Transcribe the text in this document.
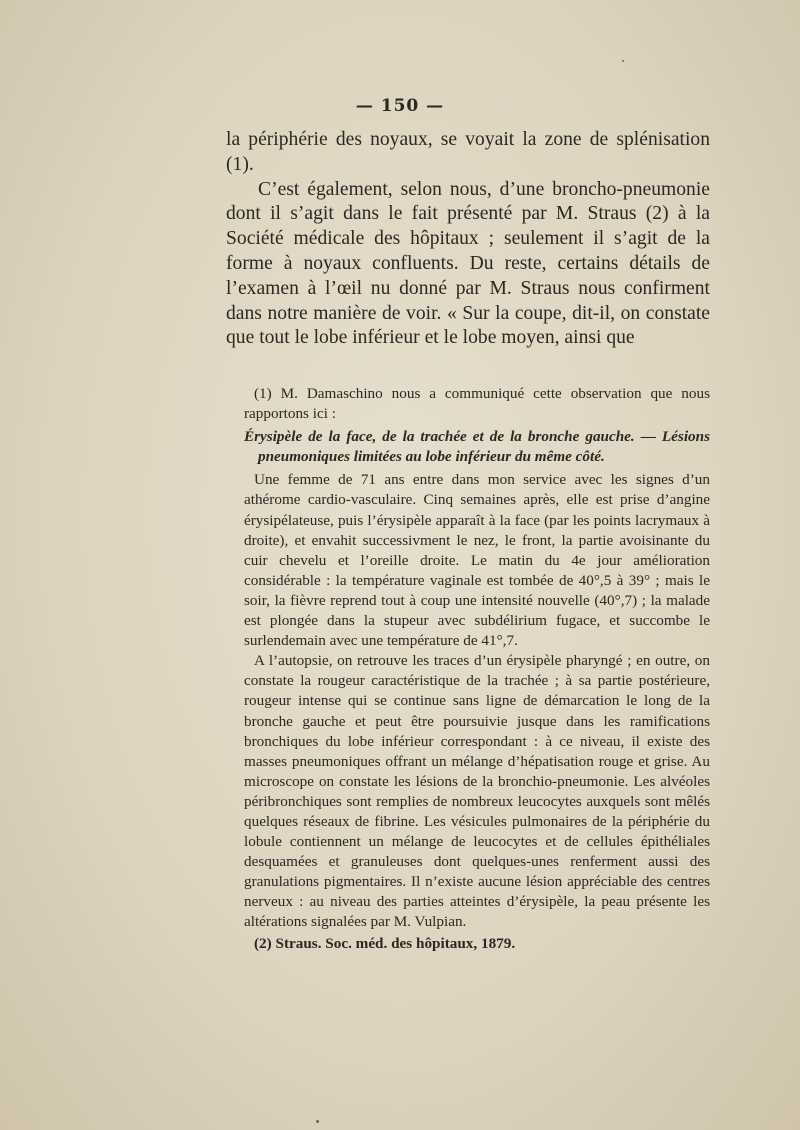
— 150 —

la périphérie des noyaux, se voyait la zone de splénisation (1).

C’est également, selon nous, d’une broncho-pneumonie dont il s’agit dans le fait présenté par M. Straus (2) à la Société médicale des hôpitaux ; seulement il s’agit de la forme à noyaux confluents. Du reste, certains détails de l’examen à l’œil nu donné par M. Straus nous confirment dans notre manière de voir. « Sur la coupe, dit-il, on constate que tout le lobe inférieur et le lobe moyen, ainsi que

(1) M. Damaschino nous a communiqué cette observation que nous rapportons ici :

Érysipèle de la face, de la trachée et de la bronche gauche. — Lésions pneumoniques limitées au lobe inférieur du même côté.

Une femme de 71 ans entre dans mon service avec les signes d’un athérome cardio-vasculaire. Cinq semaines après, elle est prise d’angine érysipélateuse, puis l’érysipèle apparaît à la face (par les points lacrymaux à droite), et envahit successivment le nez, le front, la partie avoisinante du cuir chevelu et l’oreille droite. Le matin du 4e jour amélioration considérable : la température vaginale est tombée de 40°,5 à 39° ; mais le soir, la fièvre reprend tout à coup une intensité nouvelle (40°,7) ; la malade est plongée dans la stupeur avec subdélirium fugace, et succombe le surlendemain avec une température de 41°,7.

A l’autopsie, on retrouve les traces d’un érysipèle pharyngé ; en outre, on constate la rougeur caractéristique de la trachée ; à sa partie postérieure, rougeur intense qui se continue sans ligne de démarcation le long de la bronche gauche et peut être poursuivie jusque dans les ramifications bronchiques du lobe inférieur correspondant : à ce niveau, il existe des masses pneumoniques offrant un mélange d’hépatisation rouge et grise. Au microscope on constate les lésions de la bronchio-pneumonie. Les alvéoles péribronchiques sont remplies de nombreux leucocytes auxquels sont mêlés quelques réseaux de fibrine. Les vésicules pulmonaires de la périphérie du lobule contiennent un mélange de leucocytes et de cellules épithéliales desquamées et granuleuses dont quelques-unes renferment aussi des granulations pigmentaires. Il n’existe aucune lésion appréciable des centres nerveux : au niveau des parties atteintes d’érysipèle, la peau présente les altérations signalées par M. Vulpian.

(2) Straus. Soc. méd. des hôpitaux, 1879.
